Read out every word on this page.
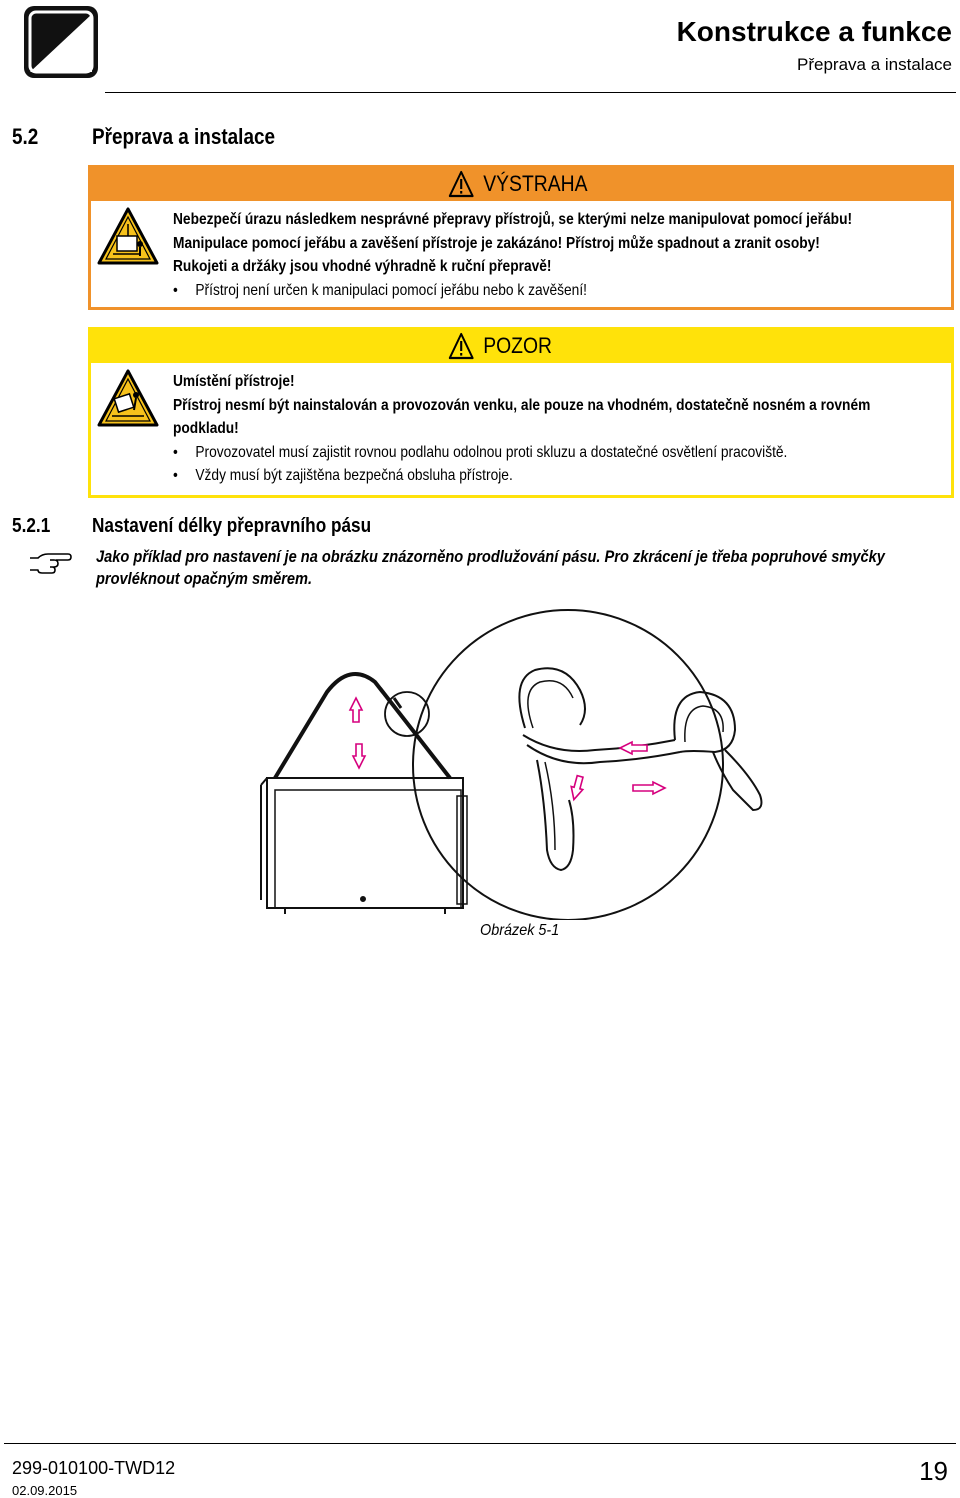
Konstrukce a funkce
Přeprava a instalace
5.2 Přeprava a instalace
VÝSTRAHA
Nebezpečí úrazu následkem nesprávné přepravy přístrojů, se kterými nelze manipulovat pomocí jeřábu!
Manipulace pomocí jeřábu a zavěšení přístroje je zakázáno! Přístroj může spadnout a zranit osoby!
Rukojeti a držáky jsou vhodné výhradně k ruční přepravě!
• Přístroj není určen k manipulaci pomocí jeřábu nebo k zavěšení!
POZOR
Umístění přístroje!
Přístroj nesmí být nainstalován a provozován venku, ale pouze na vhodném, dostatečně nosném a rovném
podkladu!
• Provozovatel musí zajistit rovnou podlahu odolnou proti skluzu a dostatečné osvětlení pracoviště.
• Vždy musí být zajištěna bezpečná obsluha přístroje.
5.2.1 Nastavení délky přepravního pásu
Jako příklad pro nastavení je na obrázku znázorněno prodlužování pásu. Pro zkrácení je třeba popruhové smyčky
provléknout opačným směrem.
Obrázek 5-1
299-010100-TWD12
02.09.2015
19
